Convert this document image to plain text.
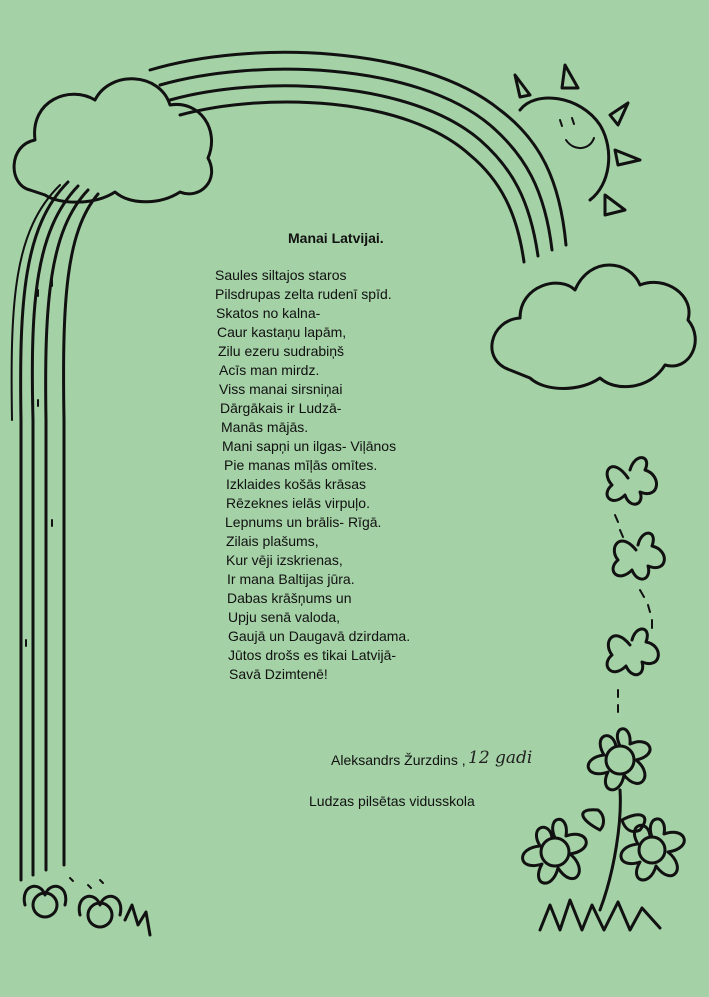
Manai Latvijai.
Saules siltajos staros
Pilsdrupas zelta rudenī spīd.
Skatos no kalna-
Caur kastaņu lapām,
Zilu ezeru sudrabiņš
Acīs man mirdz.
Viss manai sirsniņai
Dārgākais ir Ludzā-
Manās mājās.
Mani sapņi un ilgas- Viļānos
Pie manas mīļās omītes.
Izklaides košās krāsas
Rēzeknes ielās virpuļo.
Lepnums un brālis- Rīgā.
Zilais plašums,
Kur vēji izskrienas,
Ir mana Baltijas jūra.
Dabas krāšņums un
Upju senā valoda,
Gaujā un Daugavā dzirdama.
Jūtos drošs es tikai Latvijā-
Savā Dzimtenē!
Aleksandrs Žurzdins , 12 gadi
Ludzas pilsētas vidusskola
